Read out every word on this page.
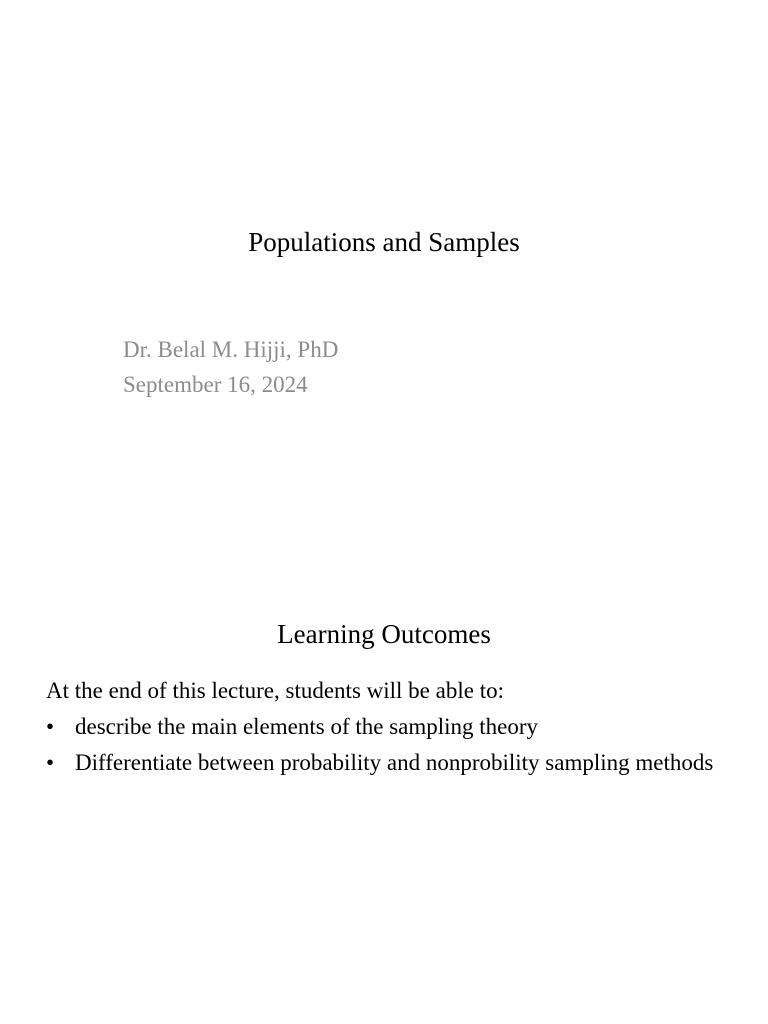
Populations and Samples
Dr. Belal M. Hijji, PhD
September 16, 2024
Learning Outcomes
At the end of this lecture, students will be able to:
• describe the main elements of the sampling theory
• Differentiate between probability and nonprobility sampling methods
